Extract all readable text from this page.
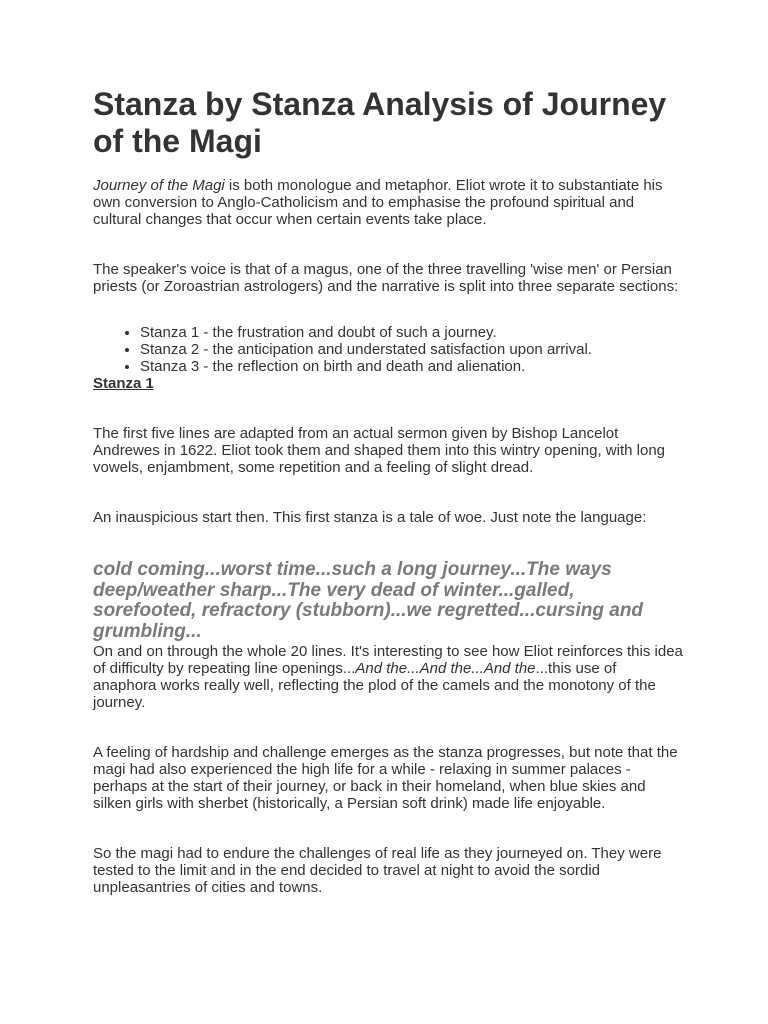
Stanza by Stanza Analysis of Journey of the Magi

Journey of the Magi is both monologue and metaphor. Eliot wrote it to substantiate his own conversion to Anglo-Catholicism and to emphasise the profound spiritual and cultural changes that occur when certain events take place.

The speaker's voice is that of a magus, one of the three travelling 'wise men' or Persian priests (or Zoroastrian astrologers) and the narrative is split into three separate sections:

• Stanza 1 - the frustration and doubt of such a journey.
• Stanza 2 - the anticipation and understated satisfaction upon arrival.
• Stanza 3 - the reflection on birth and death and alienation.
Stanza 1

The first five lines are adapted from an actual sermon given by Bishop Lancelot Andrewes in 1622. Eliot took them and shaped them into this wintry opening, with long vowels, enjambment, some repetition and a feeling of slight dread.

An inauspicious start then. This first stanza is a tale of woe. Just note the language:

cold coming...worst time...such a long journey...The ways deep/weather sharp...The very dead of winter...galled, sorefooted, refractory (stubborn)...we regretted...cursing and grumbling...

On and on through the whole 20 lines. It's interesting to see how Eliot reinforces this idea of difficulty by repeating line openings...And the...And the...And the...this use of anaphora works really well, reflecting the plod of the camels and the monotony of the journey.

A feeling of hardship and challenge emerges as the stanza progresses, but note that the magi had also experienced the high life for a while - relaxing in summer palaces - perhaps at the start of their journey, or back in their homeland, when blue skies and silken girls with sherbet (historically, a Persian soft drink) made life enjoyable.

So the magi had to endure the challenges of real life as they journeyed on. They were tested to the limit and in the end decided to travel at night to avoid the sordid unpleasantries of cities and towns.
